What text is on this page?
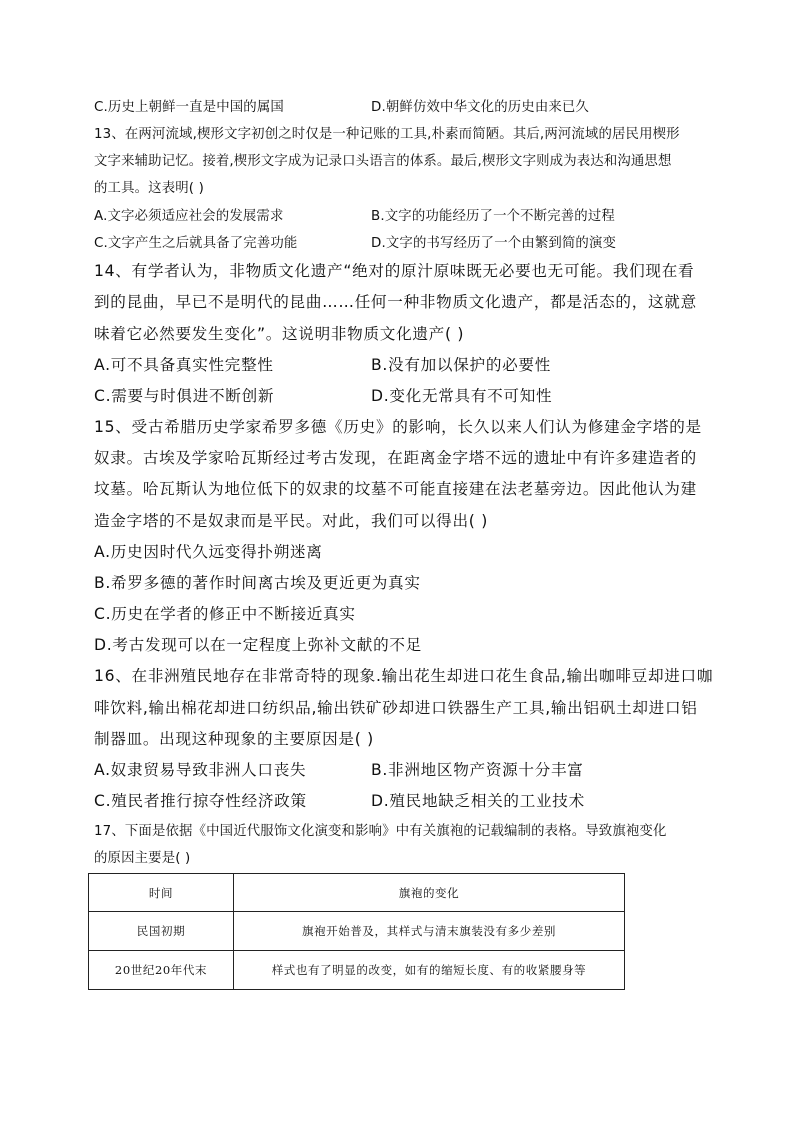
C.历史上朝鲜一直是中国的属国	D.朝鲜仿效中华文化的历史由来已久
13、在两河流域,楔形文字初创之时仅是一种记账的工具,朴素而简陋。其后,两河流域的居民用楔形
文字来辅助记忆。接着,楔形文字成为记录口头语言的体系。最后,楔形文字则成为表达和沟通思想
的工具。这表明( )
A.文字必须适应社会的发展需求	B.文字的功能经历了一个不断完善的过程
C.文字产生之后就具备了完善功能	D.文字的书写经历了一个由繁到简的演变
14、有学者认为，非物质文化遗产“绝对的原汁原味既无必要也无可能。我们现在看
到的昆曲，早已不是明代的昆曲……任何一种非物质文化遗产，都是活态的，这就意
味着它必然要发生变化”。这说明非物质文化遗产( )
A.可不具备真实性完整性	B.没有加以保护的必要性
C.需要与时俱进不断创新	D.变化无常具有不可知性
15、受古希腊历史学家希罗多德《历史》的影响，长久以来人们认为修建金字塔的是
奴隶。古埃及学家哈瓦斯经过考古发现，在距离金字塔不远的遗址中有许多建造者的
坟墓。哈瓦斯认为地位低下的奴隶的坟墓不可能直接建在法老墓旁边。因此他认为建
造金字塔的不是奴隶而是平民。对此，我们可以得出( )
A.历史因时代久远变得扑朔迷离
B.希罗多德的著作时间离古埃及更近更为真实
C.历史在学者的修正中不断接近真实
D.考古发现可以在一定程度上弥补文献的不足
16、在非洲殖民地存在非常奇特的现象.输出花生却进口花生食品,输出咖啡豆却进口咖
啡饮料,输出棉花却进口纺织品,输出铁矿砂却进口铁器生产工具,输出铝矾土却进口铝
制器皿。出现这种现象的主要原因是( )
A.奴隶贸易导致非洲人口丧失	B.非洲地区物产资源十分丰富
C.殖民者推行掠夺性经济政策	D.殖民地缺乏相关的工业技术
17、下面是依据《中国近代服饰文化演变和影响》中有关旗袍的记载编制的表格。导致旗袍变化
的原因主要是( )
时间	旗袍的变化
民国初期	旗袍开始普及，其样式与清末旗装没有多少差别
20世纪20年代末	样式也有了明显的改变，如有的缩短长度、有的收紧腰身等
